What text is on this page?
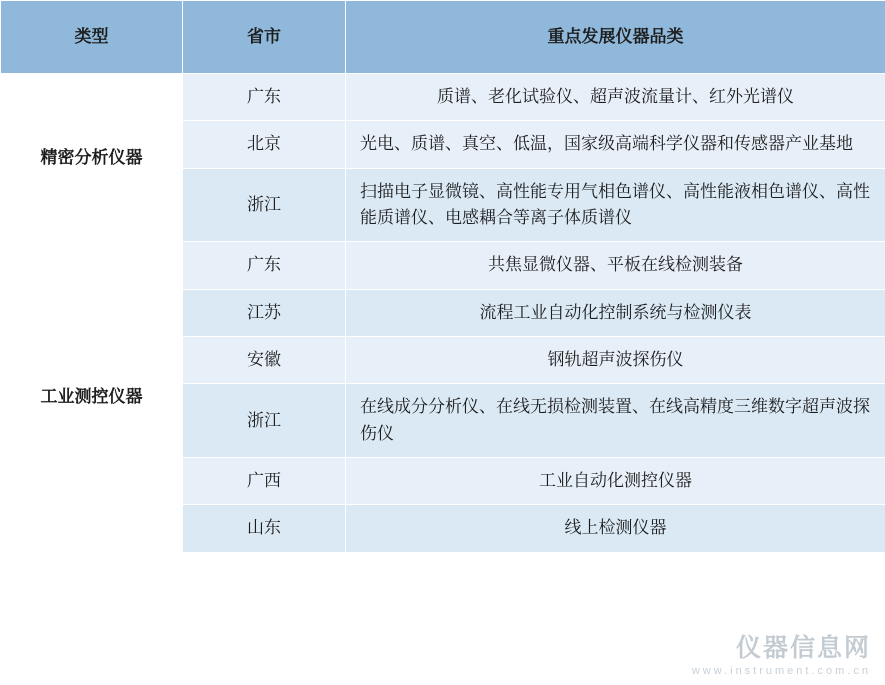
类型	省市	重点发展仪器品类
精密分析仪器	广东	质谱、老化试验仪、超声波流量计、红外光谱仪
	北京	光电、质谱、真空、低温，国家级高端科学仪器和传感器产业基地
	浙江	扫描电子显微镜、高性能专用气相色谱仪、高性能液相色谱仪、高性能质谱仪、电感耦合等离子体质谱仪
工业测控仪器	广东	共焦显微仪器、平板在线检测装备
	江苏	流程工业自动化控制系统与检测仪表
	安徽	钢轨超声波探伤仪
	浙江	在线成分分析仪、在线无损检测装置、在线高精度三维数字超声波探伤仪
	广西	工业自动化测控仪器
	山东	线上检测仪器
仪器信息网
www.instrument.com.cn
